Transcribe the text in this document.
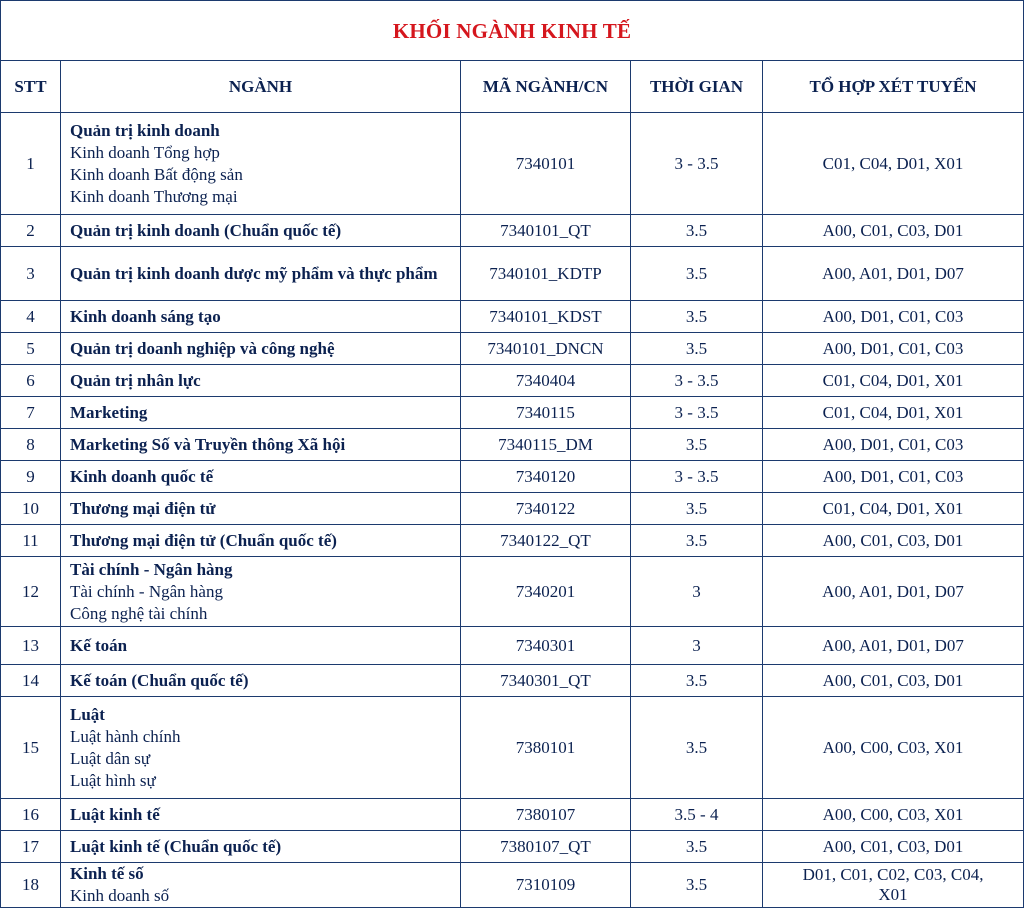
KHỐI NGÀNH KINH TẾ				
STT	NGÀNH	MÃ NGÀNH/CN	THỜI GIAN	TỔ HỢP XÉT TUYỂN
1	Quản trị kinh doanh
Kinh doanh Tổng hợp
Kinh doanh Bất động sản
Kinh doanh Thương mại	7340101	3 - 3.5	C01, C04, D01, X01

2	Quản trị kinh doanh (Chuẩn quốc tế)	7340101_QT	3.5	A00, C01, C03, D01

3	Quản trị kinh doanh dược mỹ phẩm và thực phẩm	7340101_KDTP	3.5	A00, A01, D01, D07

4	Kinh doanh sáng tạo	7340101_KDST	3.5	A00, D01, C01, C03

5	Quản trị doanh nghiệp và công nghệ	7340101_DNCN	3.5	A00, D01, C01, C03

6	Quản trị nhân lực	7340404	3 - 3.5	C01, C04, D01, X01

7	Marketing	7340115	3 - 3.5	C01, C04, D01, X01

8	Marketing Số và Truyền thông Xã hội	7340115_DM	3.5	A00, D01, C01, C03

9	Kinh doanh quốc tế	7340120	3 - 3.5	A00, D01, C01, C03

10	Thương mại điện tử	7340122	3.5	C01, C04, D01, X01

11	Thương mại điện tử (Chuẩn quốc tế)	7340122_QT	3.5	A00, C01, C03, D01

12	Tài chính - Ngân hàng
Tài chính - Ngân hàng
Công nghệ tài chính	7340201	3	A00, A01, D01, D07

13	Kế toán	7340301	3	A00, A01, D01, D07

14	Kế toán (Chuẩn quốc tế)	7340301_QT	3.5	A00, C01, C03, D01

15	Luật
Luật hành chính
Luật dân sự
Luật hình sự	7380101	3.5	A00, C00, C03, X01

16	Luật kinh tế	7380107	3.5 - 4	A00, C00, C03, X01

17	Luật kinh tế (Chuẩn quốc tế)	7380107_QT	3.5	A00, C01, C03, D01

18	Kinh tế số
Kinh doanh số	7310109	3.5	D01, C01, C02, C03, C04, X01
